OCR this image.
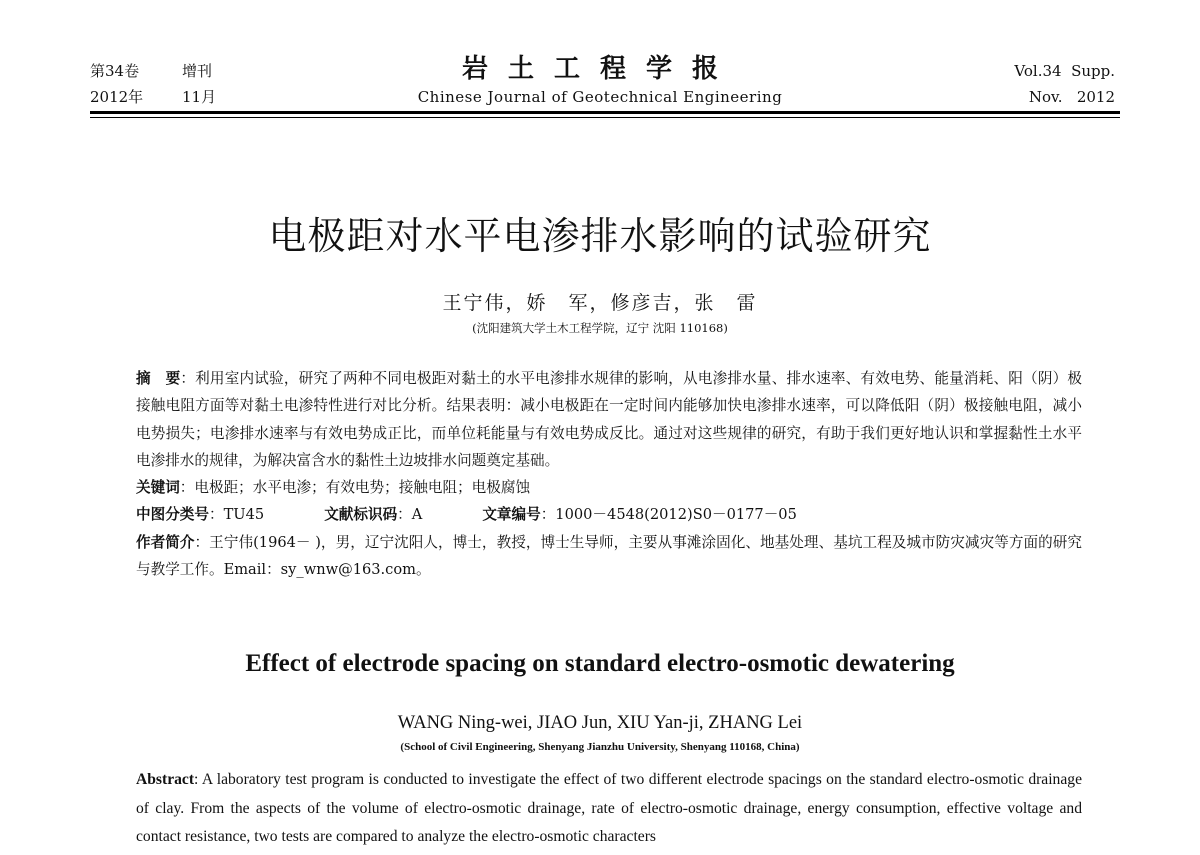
第34卷	增刊
2012年	11月
岩土工程学报
Chinese Journal of Geotechnical Engineering
Vol.34  Supp.
Nov.   2012
电极距对水平电渗排水影响的试验研究
王宁伟，娇　军，修彦吉，张　雷
(沈阳建筑大学土木工程学院，辽宁 沈阳 110168)

摘　要：利用室内试验，研究了两种不同电极距对黏土的水平电渗排水规律的影响，从电渗排水量、排水速率、有效电势、能量消耗、阳（阴）极接触电阻方面等对黏土电渗特性进行对比分析。结果表明：减小电极距在一定时间内能够加快电渗排水速率，可以降低阳（阴）极接触电阻，减小电势损失；电渗排水速率与有效电势成正比，而单位耗能量与有效电势成反比。通过对这些规律的研究，有助于我们更好地认识和掌握黏性土水平电渗排水的规律，为解决富含水的黏性土边坡排水问题奠定基础。

关键词：电极距；水平电渗；有效电势；接触电阻；电极腐蚀

中图分类号：TU45	文献标识码：A	文章编号：1000－4548(2012)S0－0177－05

作者简介：王宁伟(1964－ )，男，辽宁沈阳人，博士，教授，博士生导师，主要从事滩涂固化、地基处理、基坑工程及城市防灾减灾等方面的研究与教学工作。Email：sy_wnw@163.com。

Effect of electrode spacing on standard electro-osmotic dewatering
WANG Ning-wei, JIAO Jun, XIU Yan-ji, ZHANG Lei
(School of Civil Engineering, Shenyang Jianzhu University, Shenyang 110168, China)
Abstract: A laboratory test program is conducted to investigate the effect of two different electrode spacings on the standard electro-osmotic drainage of clay. From the aspects of the volume of electro-osmotic drainage, rate of electro-osmotic drainage, energy consumption, effective voltage and contact resistance, two tests are compared to analyze the electro-osmotic characters
